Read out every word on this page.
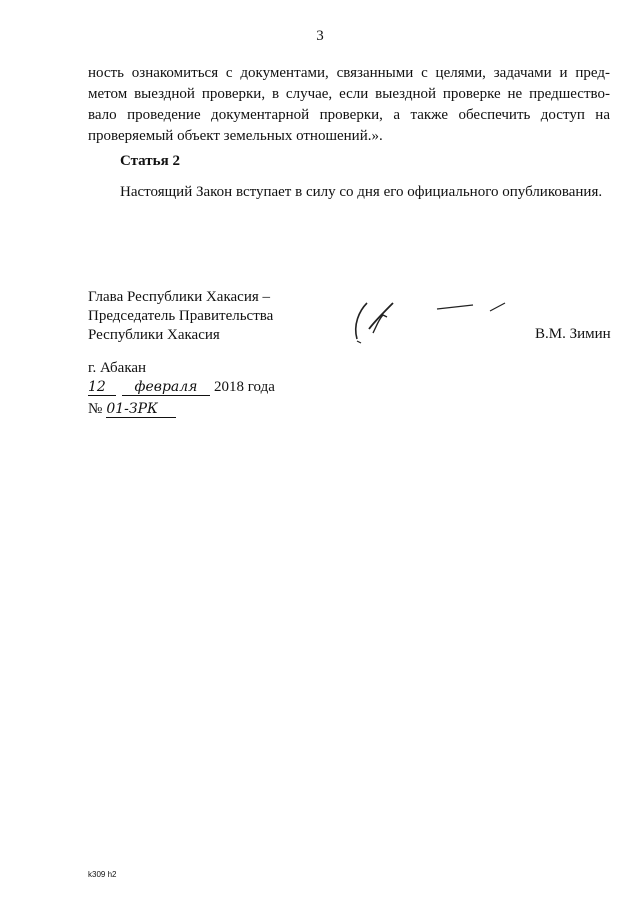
3
ность ознакомиться с документами, связанными с целями, задачами и пред-
метом выездной проверки, в случае, если выездной проверке не предшество-
вало проведение документарной проверки, а также обеспечить доступ на
проверяемый объект земельных отношений.».
Статья 2
Настоящий Закон вступает в силу со дня его официального опубликования.
Глава Республики Хакасия –
Председатель Правительства
Республики Хакасия	В.М. Зимин
г. Абакан
12 февраля 2018 года
№ 01-ЗРК
k309 h2
